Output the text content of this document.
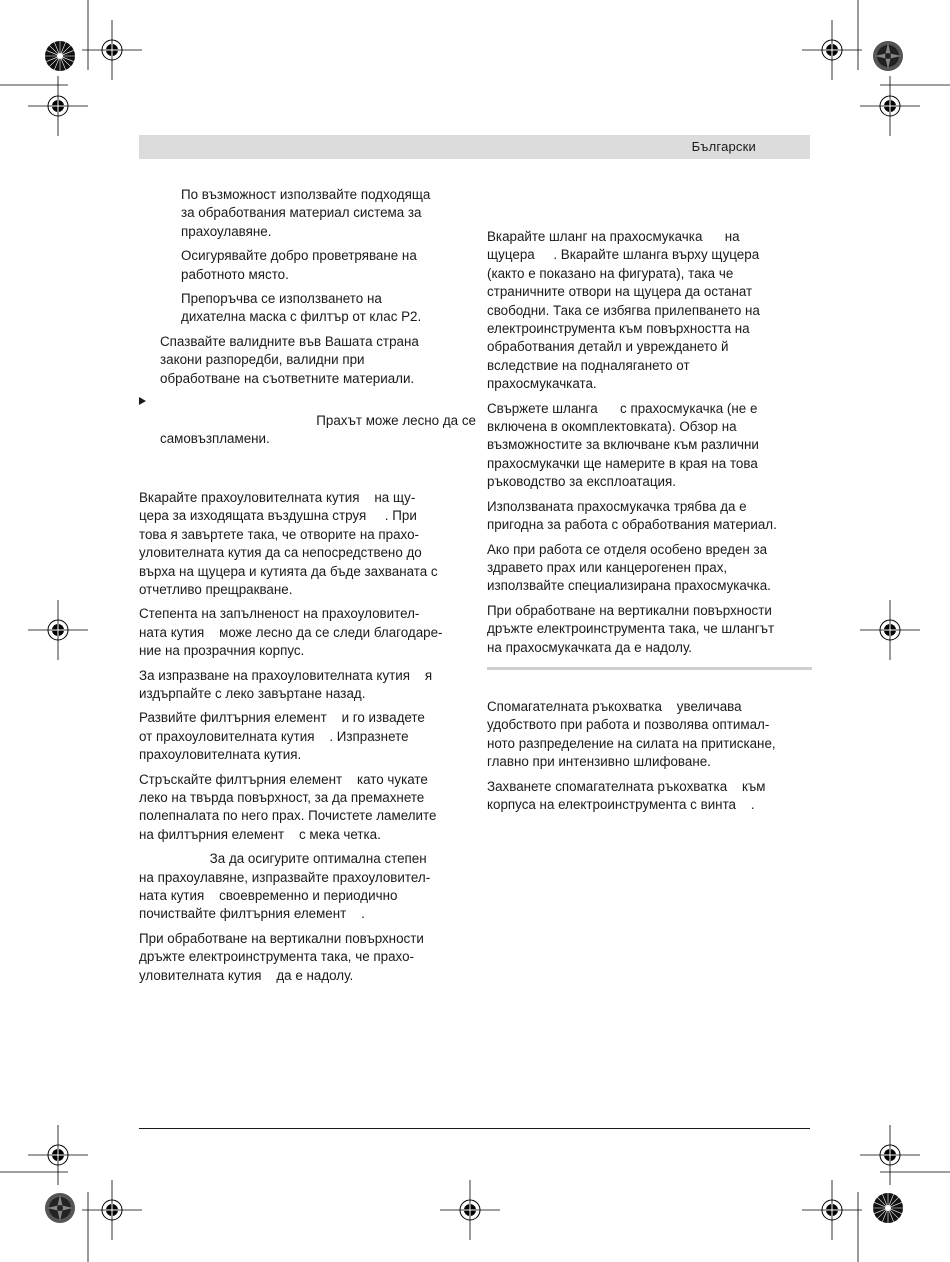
Български

По възможност използвайте подходяща
за обработвания материал система за
прахоулавяне.

Осигурявайте добро проветряване на
работното място.

Препоръчва се използването на
дихателна маска с филтър от клас P2.

Спазвайте валидните във Вашата страна
закони разпоредби, валидни при
обработване на съответните материали.

Прахът може лесно да се
самовъзпламени.

Вкарайте прахоуловителната кутия    на щу-
цера за изходящата въздушна струя     . При
това я завъртете така, че отворите на прахо-
уловителната кутия да са непосредствено до
върха на щуцера и кутията да бъде захваната с
отчетливо прещракване.

Степента на запълненост на прахоуловител-
ната кутия    може лесно да се следи благодаре-
ние на прозрачния корпус.

За изпразване на прахоуловителната кутия    я
издърпайте с леко завъртане назад.

Развийте филтърния елемент    и го извадете
от прахоуловителната кутия    . Изпразнете
прахоуловителната кутия.

Стръскайте филтърния елемент    като чукате
леко на твърда повърхност, за да премахнете
полепналата по него прах. Почистете ламелите
на филтърния елемент    с мека четка.

За да осигурите оптимална степен
на прахоулавяне, изпразвайте прахоуловител-
ната кутия    своевременно и периодично
почиствайте филтърния елемент    .

При обработване на вертикални повърхности
дръжте електроинструмента така, че прахо-
уловителната кутия    да е надолу.

Вкарайте шланг на прахосмукачка      на
щуцера     . Вкарайте шланга върху щуцера
(както е показано на фигурата), така че
страничните отвори на щуцера да останат
свободни. Така се избягва прилепването на
електроинструмента към повърхността на
обработвания детайл и увреждането й
вследствие на подналягането от
прахосмукачката.

Свържете шланга      с прахосмукачка (не е
включена в окомплектовката). Обзор на
възможностите за включване към различни
прахосмукачки ще намерите в края на това
ръководство за експлоатация.

Използваната прахосмукачка трябва да е
пригодна за работа с обработвания материал.

Ако при работа се отделя особено вреден за
здравето прах или канцерогенен прах,
използвайте специализирана прахосмукачка.

При обработване на вертикални повърхности
дръжте електроинструмента така, че шлангът
на прахосмукачката да е надолу.

Спомагателната ръкохватка    увеличава
удобството при работа и позволява оптимал-
ното разпределение на силата на притискане,
главно при интензивно шлифоване.

Захванете спомагателната ръкохватка    към
корпуса на електроинструмента с винта    .
